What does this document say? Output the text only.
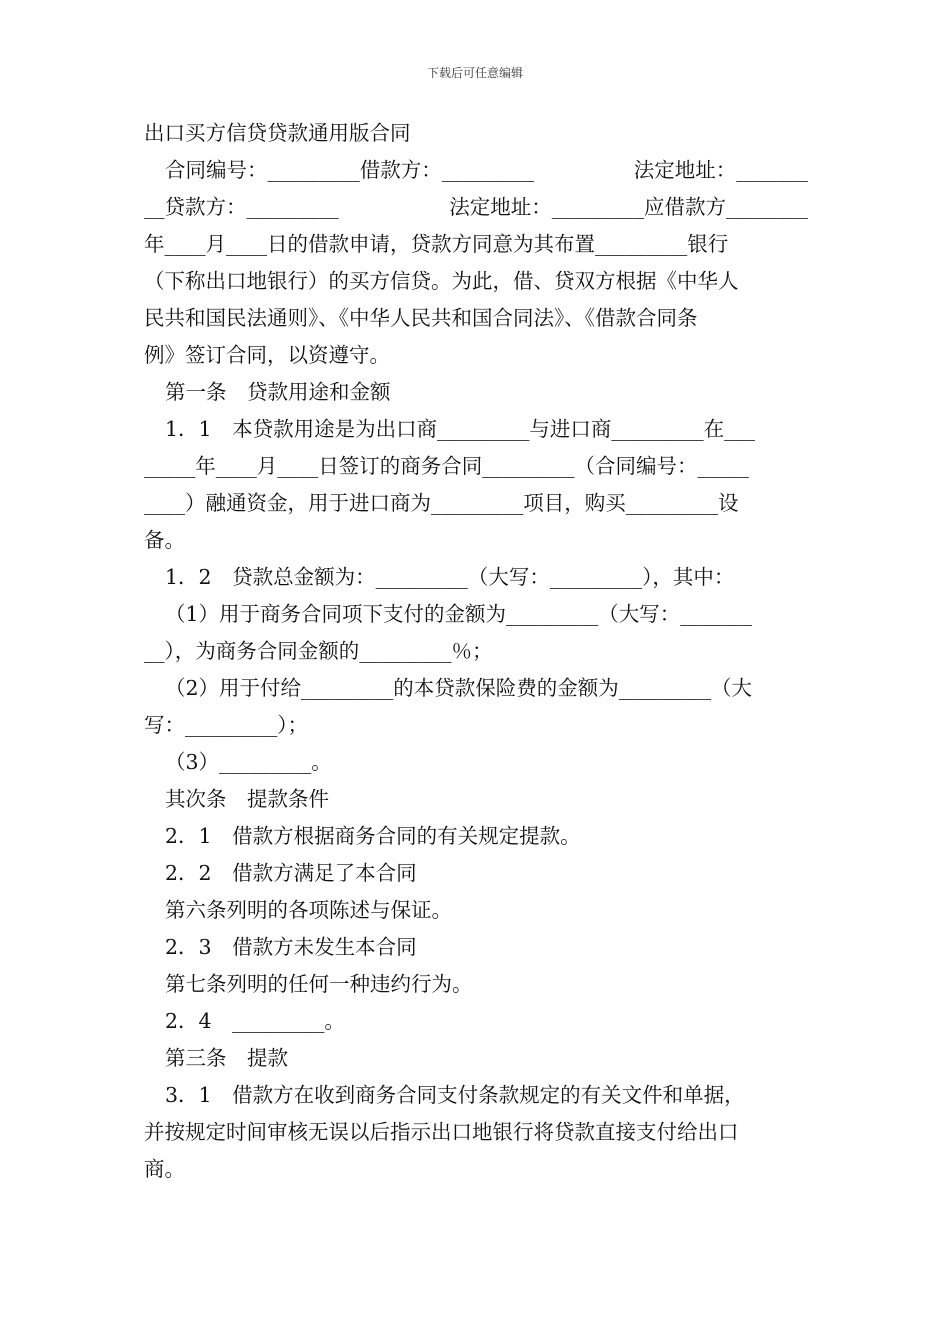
下载后可任意编辑
出口买方信贷贷款通用版合同
合同编号：_________借款方：_________	法定地址：_______
__贷款方：_________	法定地址：_________应借款方________
年____月____日的借款申请，贷款方同意为其布置_________银行
（下称出口地银行）的买方信贷。为此，借、贷双方根据《中华人
民共和国民法通则》、《中华人民共和国合同法》、《借款合同条
例》签订合同，以资遵守。
第一条　贷款用途和金额
1．1　本贷款用途是为出口商_________与进口商_________在___
_____年____月____日签订的商务合同_________（合同编号：_____
____）融通资金，用于进口商为_________项目，购买_________设
备。
1．2　贷款总金额为：_________（大写：_________），其中：
（1）用于商务合同项下支付的金额为_________（大写：_______
__），为商务合同金额的_________％；
（2）用于付给_________的本贷款保险费的金额为_________（大
写：_________）；
（3）_________。
其次条　提款条件
2．1　借款方根据商务合同的有关规定提款。
2．2　借款方满足了本合同
第六条列明的各项陈述与保证。
2．3　借款方未发生本合同
第七条列明的任何一种违约行为。
2．4　_________。
第三条　提款
3．1　借款方在收到商务合同支付条款规定的有关文件和单据，
并按规定时间审核无误以后指示出口地银行将贷款直接支付给出口
商。
